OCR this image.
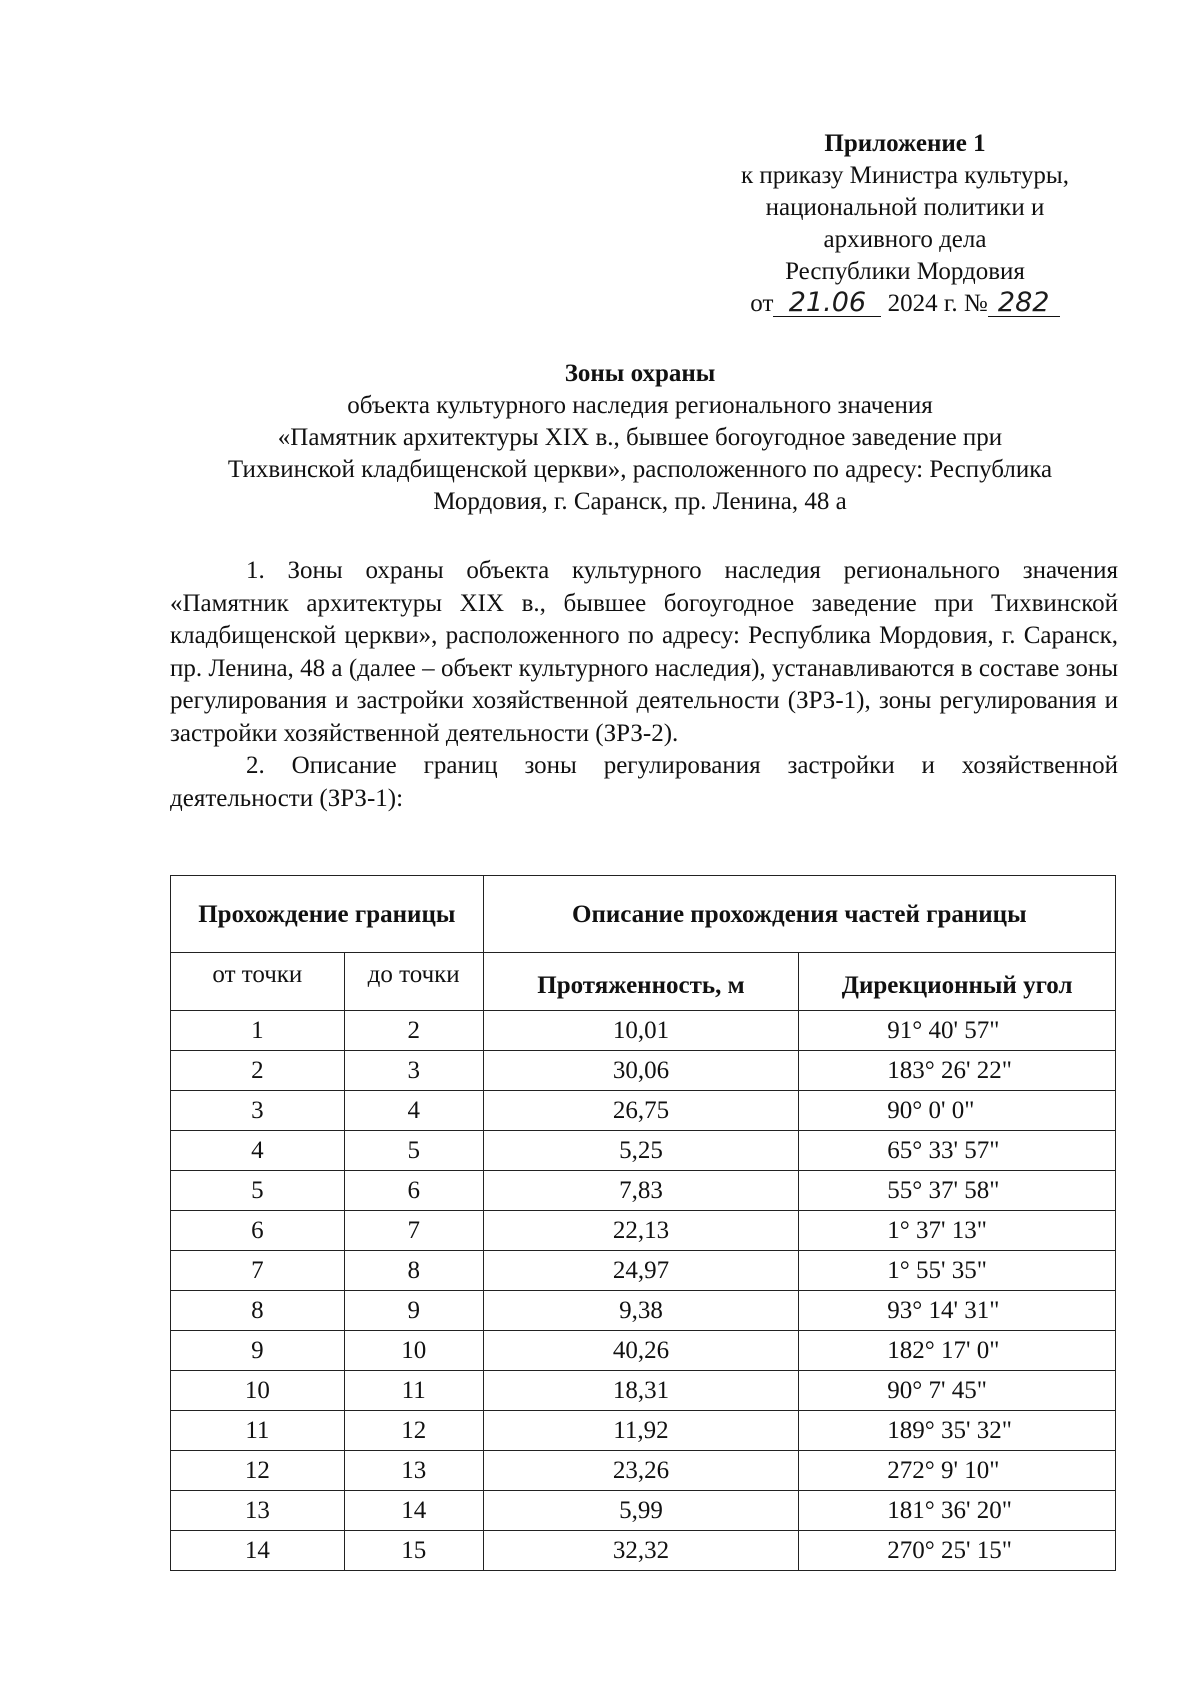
Приложение 1
к приказу Министра культуры,
национальной политики и
архивного дела
Республики Мордовия
от 21.06 2024 г. № 282
Зоны охраны
объекта культурного наследия регионального значения
«Памятник архитектуры XIX в., бывшее богоугодное заведение при
Тихвинской кладбищенской церкви», расположенного по адресу: Республика
Мордовия, г. Саранск, пр. Ленина, 48 а

1. Зоны охраны объекта культурного наследия регионального значения «Памятник архитектуры XIX в., бывшее богоугодное заведение при Тихвинской кладбищенской церкви», расположенного по адресу: Республика Мордовия, г. Саранск, пр. Ленина, 48 а (далее – объект культурного наследия), устанавливаются в составе зоны регулирования и застройки хозяйственной деятельности (ЗРЗ-1), зоны регулирования и застройки хозяйственной деятельности (ЗРЗ-2).

2. Описание границ зоны регулирования застройки и хозяйственной деятельности (ЗРЗ-1):

Прохождение границы		Описание прохождения частей границы	
от точки	до точки	Протяженность, м	Дирекционный угол
1	2	10,01	91° 40' 57"
2	3	30,06	183° 26' 22"
3	4	26,75	90° 0' 0"
4	5	5,25	65° 33' 57"
5	6	7,83	55° 37' 58"
6	7	22,13	1° 37' 13"
7	8	24,97	1° 55' 35"
8	9	9,38	93° 14' 31"
9	10	40,26	182° 17' 0"
10	11	18,31	90° 7' 45"
11	12	11,92	189° 35' 32"
12	13	23,26	272° 9' 10"
13	14	5,99	181° 36' 20"
14	15	32,32	270° 25' 15"
